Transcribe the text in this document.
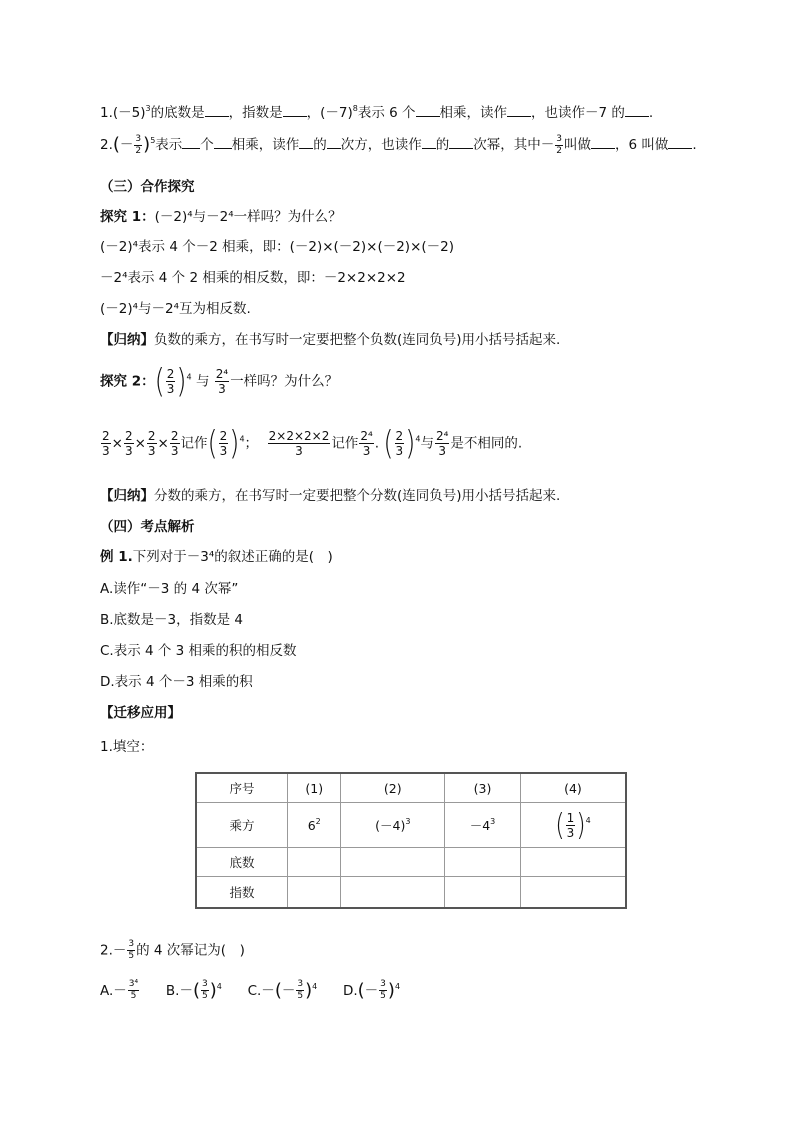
$1.(-5)^3$的底数是 ，指数是 ，$(-7)^8$表示 6 个 相乘，读作 ，也读作－7 的 .
$2.(- \frac{3}{2} )^5$表示 个 相乘，读作 的 次方，也读作 的 次幂，其中－ $\frac{3}{2}$ 叫做 ，6 叫做 .
（三）合作探究
探究 1：(－2)⁴与－2⁴一样吗？为什么？
(－2)⁴表示 4 个－2 相乘，即：(－2)×(－2)×(－2)×(－2)
－2⁴表示 4 个 2 相乘的相反数，即：－2×2×2×2
(－2)⁴与－2⁴互为相反数.
【归纳】负数的乘方，在书写时一定要把整个负数(连同负号)用小括号括起来.
探究 2：( $\frac{2}{3} )^4$ 与 $\frac{\text{2⁴}}{3}$ 一样吗？为什么？
$\frac{2}{3} \times \frac{2}{3} \times \frac{2}{3} \times \frac{2}{3}$ 记作( $\frac{2}{3} )^4$； $\frac{2\times 2\times 2\times 2}{3}$ 记作 $\frac{\text{2⁴}}{3}$ . ( $\frac{2}{3} )^4$与 $\frac{\text{2⁴}}{3}$ 是不相同的.
【归纳】分数的乘方，在书写时一定要把整个分数(连同负号)用小括号括起来.
（四）考点解析
例 1.下列对于－3⁴的叙述正确的是(　)
A.读作“－3 的 4 次幂”
B.底数是－3，指数是 4
C.表示 4 个 3 相乘的积的相反数
D.表示 4 个－3 相乘的积
【迁移应用】
1.填空：
序号	(1)	(2)	(3)	(4)
乘方	$6^2$	$(-4)^3$	$-4^3$	( $\frac{1}{3} )^4$
底数				
指数				
$2.- \frac{3}{5}$ 的 4 次幂记为(　)
$A.- \frac{\text{3⁴}}{5} B.-( \frac{3}{5} )^4$ $C.-(- \frac{3}{5} )^4$ $D.(- \frac{3}{5} )^4$
